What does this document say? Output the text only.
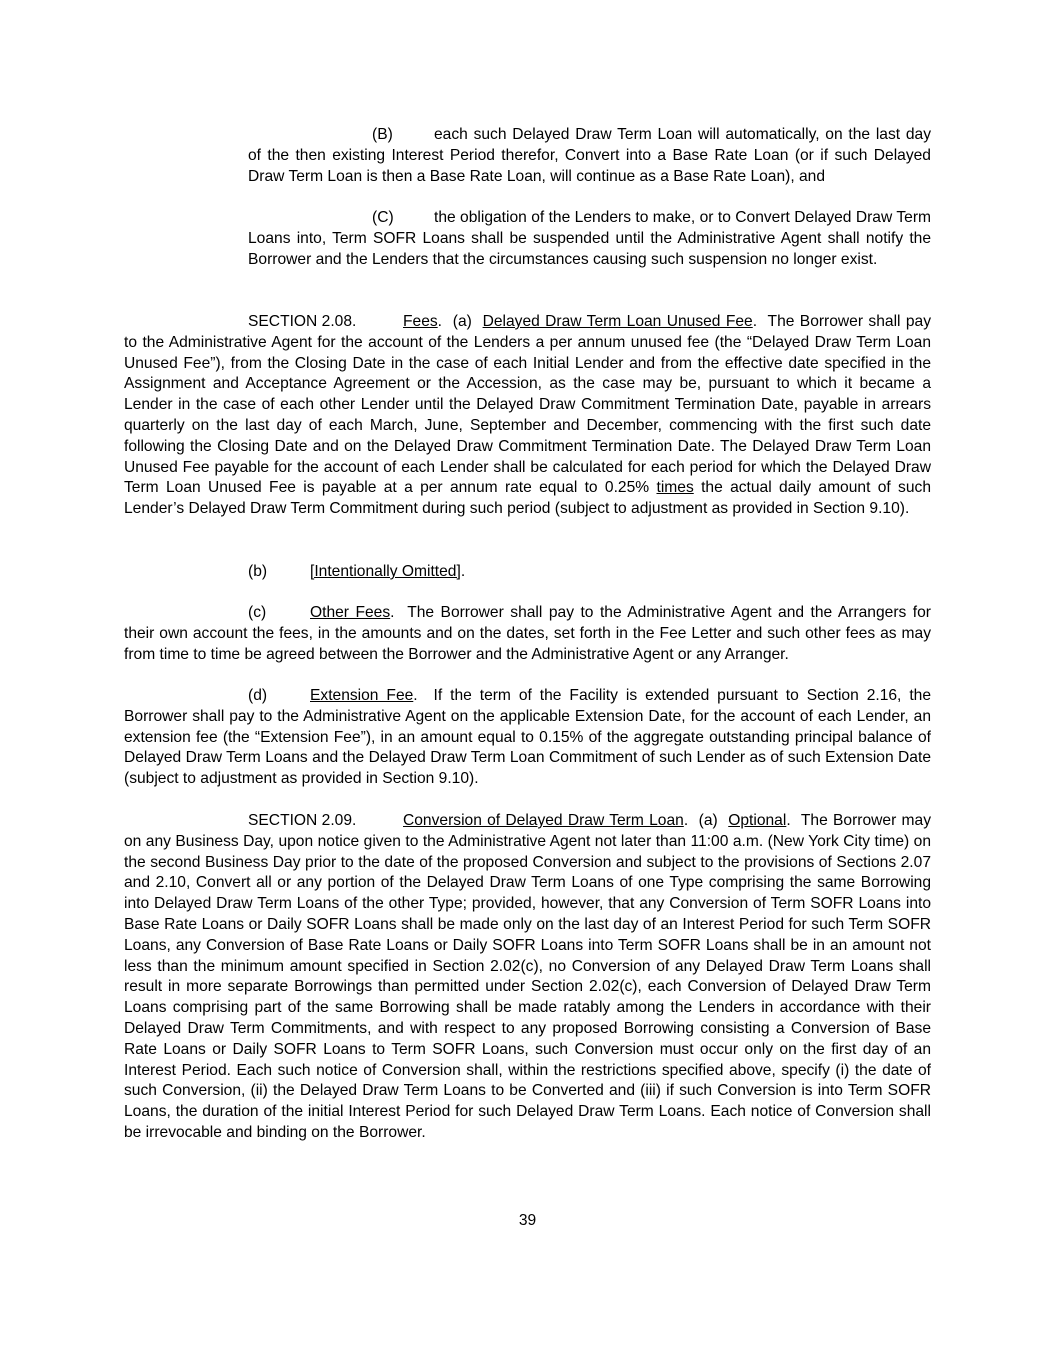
(B)	each such Delayed Draw Term Loan will automatically, on the last day of the then existing Interest Period therefor, Convert into a Base Rate Loan (or if such Delayed Draw Term Loan is then a Base Rate Loan, will continue as a Base Rate Loan), and

(C)	the obligation of the Lenders to make, or to Convert Delayed Draw Term Loans into, Term SOFR Loans shall be suspended until the Administrative Agent shall notify the Borrower and the Lenders that the circumstances causing such suspension no longer exist.

SECTION 2.08.	Fees.  (a) Delayed Draw Term Loan Unused Fee.  The Borrower shall pay to the Administrative Agent for the account of the Lenders a per annum unused fee (the “Delayed Draw Term Loan Unused Fee”), from the Closing Date in the case of each Initial Lender and from the effective date specified in the Assignment and Acceptance Agreement or the Accession, as the case may be, pursuant to which it became a Lender in the case of each other Lender until the Delayed Draw Commitment Termination Date, payable in arrears quarterly on the last day of each March, June, September and December, commencing with the first such date following the Closing Date and on the Delayed Draw Commitment Termination Date. The Delayed Draw Term Loan Unused Fee payable for the account of each Lender shall be calculated for each period for which the Delayed Draw Term Loan Unused Fee is payable at a per annum rate equal to 0.25% times the actual daily amount of such Lender’s Delayed Draw Term Commitment during such period (subject to adjustment as provided in Section 9.10).

(b)	[Intentionally Omitted].

(c)	Other Fees.  The Borrower shall pay to the Administrative Agent and the Arrangers for their own account the fees, in the amounts and on the dates, set forth in the Fee Letter and such other fees as may from time to time be agreed between the Borrower and the Administrative Agent or any Arranger.

(d)	Extension Fee.  If the term of the Facility is extended pursuant to Section 2.16, the Borrower shall pay to the Administrative Agent on the applicable Extension Date, for the account of each Lender, an extension fee (the “Extension Fee”), in an amount equal to 0.15% of the aggregate outstanding principal balance of Delayed Draw Term Loans and the Delayed Draw Term Loan Commitment of such Lender as of such Extension Date (subject to adjustment as provided in Section 9.10).

SECTION 2.09.	Conversion of Delayed Draw Term Loan.  (a) Optional.  The Borrower may on any Business Day, upon notice given to the Administrative Agent not later than 11:00 a.m. (New York City time) on the second Business Day prior to the date of the proposed Conversion and subject to the provisions of Sections 2.07 and 2.10, Convert all or any portion of the Delayed Draw Term Loans of one Type comprising the same Borrowing into Delayed Draw Term Loans of the other Type; provided, however, that any Conversion of Term SOFR Loans into Base Rate Loans or Daily SOFR Loans shall be made only on the last day of an Interest Period for such Term SOFR Loans, any Conversion of Base Rate Loans or Daily SOFR Loans into Term SOFR Loans shall be in an amount not less than the minimum amount specified in Section 2.02(c), no Conversion of any Delayed Draw Term Loans shall result in more separate Borrowings than permitted under Section 2.02(c), each Conversion of Delayed Draw Term Loans comprising part of the same Borrowing shall be made ratably among the Lenders in accordance with their Delayed Draw Term Commitments, and with respect to any proposed Borrowing consisting a Conversion of Base Rate Loans or Daily SOFR Loans to Term SOFR Loans, such Conversion must occur only on the first day of an Interest Period. Each such notice of Conversion shall, within the restrictions specified above, specify (i) the date of such Conversion, (ii) the Delayed Draw Term Loans to be Converted and (iii) if such Conversion is into Term SOFR Loans, the duration of the initial Interest Period for such Delayed Draw Term Loans. Each notice of Conversion shall be irrevocable and binding on the Borrower.

39
